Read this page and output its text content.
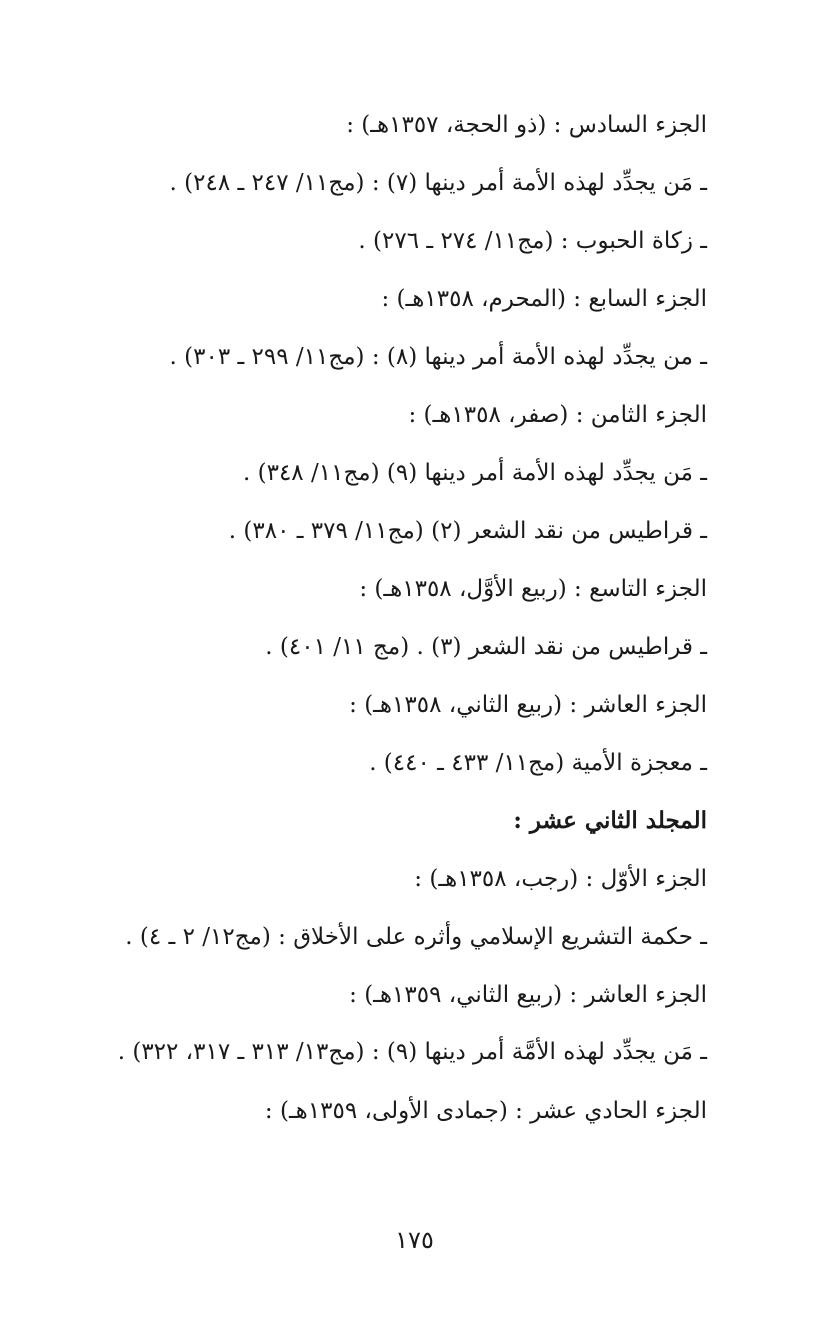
الجزء السادس : (ذو الحجة، ١٣٥٧هـ) :
ـ مَن يجدِّد لهذه الأمة أمر دينها (٧) : (مج١١/ ٢٤٧ ـ ٢٤٨) .
ـ زكاة الحبوب : (مج١١/ ٢٧٤ ـ ٢٧٦) .
الجزء السابع : (المحرم، ١٣٥٨هـ) :
ـ من يجدِّد لهذه الأمة أمر دينها (٨) : (مج١١/ ٢٩٩ ـ ٣٠٣) .
الجزء الثامن : (صفر، ١٣٥٨هـ) :
ـ مَن يجدِّد لهذه الأمة أمر دينها (٩) (مج١١/ ٣٤٨) .
ـ قراطيس من نقد الشعر (٢) (مج١١/ ٣٧٩ ـ ٣٨٠) .
الجزء التاسع : (ربيع الأوَّل، ١٣٥٨هـ) :
ـ قراطيس من نقد الشعر (٣) . (مج ١١/ ٤٠١) .
الجزء العاشر : (ربيع الثاني، ١٣٥٨هـ) :
ـ معجزة الأمية (مج١١/ ٤٣٣ ـ ٤٤٠) .
المجلد الثاني عشر :
الجزء الأوّل : (رجب، ١٣٥٨هـ) :
ـ حكمة التشريع الإسلامي وأثره على الأخلاق : (مج١٢/ ٢ ـ ٤) .
الجزء العاشر : (ربيع الثاني، ١٣٥٩هـ) :
ـ مَن يجدِّد لهذه الأمَّة أمر دينها (٩) : (مج١٣/ ٣١٣ ـ ٣١٧، ٣٢٢) .
الجزء الحادي عشر : (جمادى الأولى، ١٣٥٩هـ) :
١٧٥
